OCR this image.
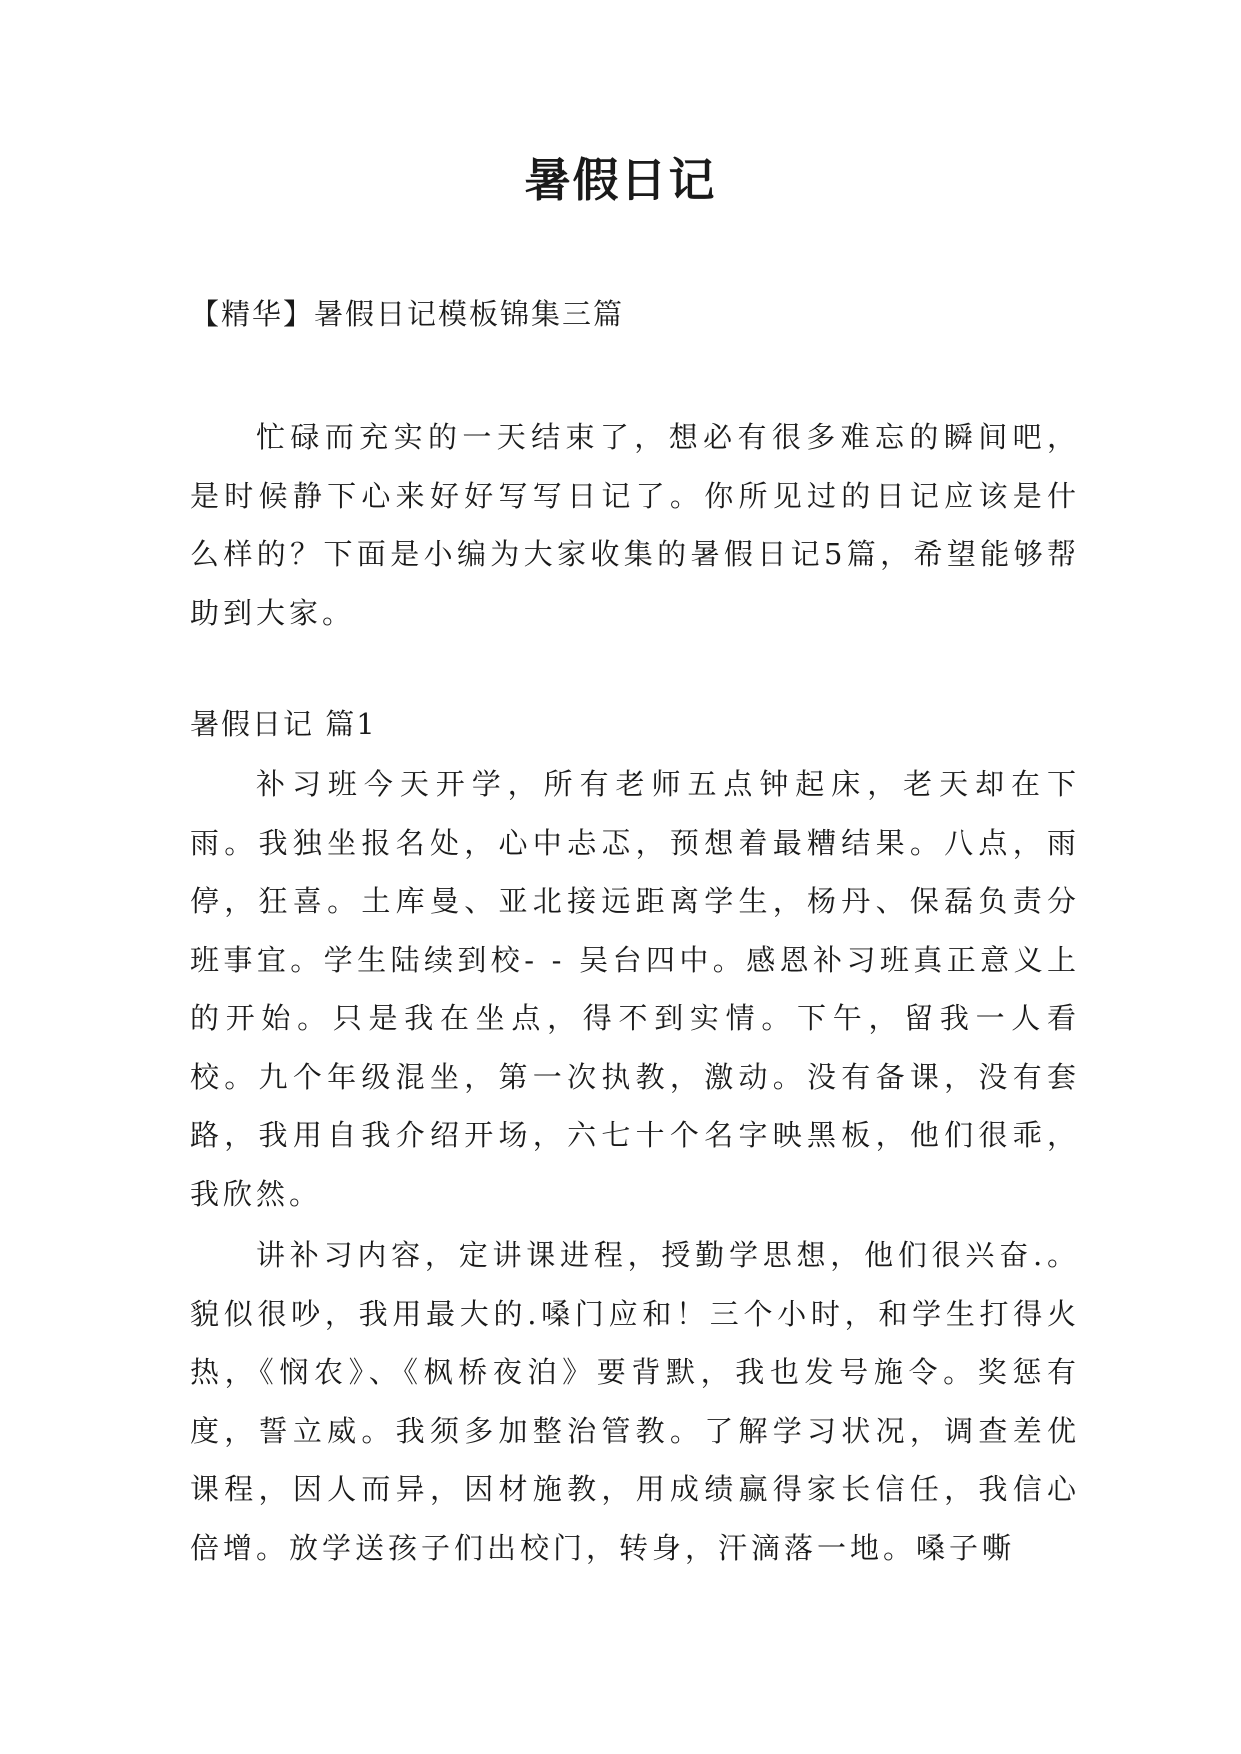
暑假日记

【精华】暑假日记模板锦集三篇

忙碌而充实的一天结束了，想必有很多难忘的瞬间吧，是时候静下心来好好写写日记了。你所见过的日记应该是什么样的？下面是小编为大家收集的暑假日记5篇，希望能够帮助到大家。

暑假日记 篇1

补习班今天开学，所有老师五点钟起床，老天却在下雨。我独坐报名处，心中忐忑，预想着最糟结果。八点，雨停，狂喜。土库曼、亚北接远距离学生，杨丹、保磊负责分班事宜。学生陆续到校- - 吴台四中。感恩补习班真正意义上的开始。只是我在坐点，得不到实情。下午，留我一人看校。九个年级混坐，第一次执教，激动。没有备课，没有套路，我用自我介绍开场，六七十个名字映黑板，他们很乖，我欣然。

讲补习内容，定讲课进程，授勤学思想，他们很兴奋.。貌似很吵，我用最大的.嗓门应和！三个小时，和学生打得火热，《悯农》、《枫桥夜泊》要背默，我也发号施令。奖惩有度，誓立威。我须多加整治管教。了解学习状况，调查差优课程，因人而异，因材施教，用成绩赢得家长信任，我信心倍增。放学送孩子们出校门，转身，汗滴落一地。嗓子嘶
